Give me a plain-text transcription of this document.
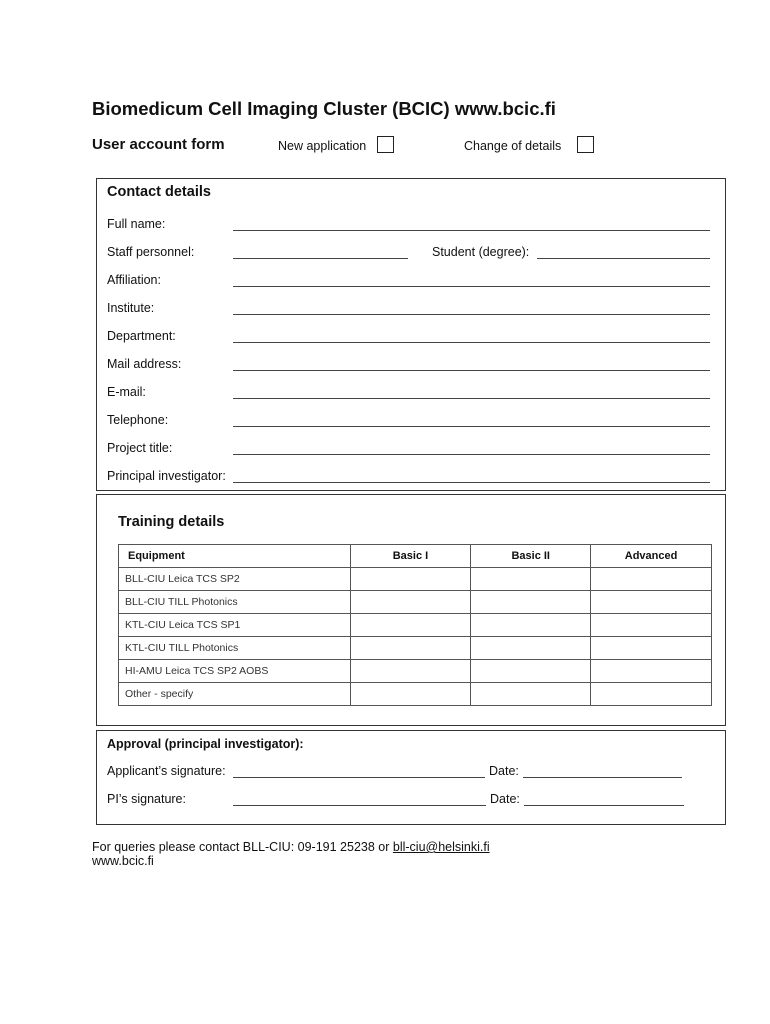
Biomedicum Cell Imaging Cluster (BCIC) www.bcic.fi
User account form	New application	Change of details
Contact details
Full name:
Staff personnel:	Student (degree):
Affiliation:
Institute:
Department:
Mail address:
E-mail:
Telephone:
Project title:
Principal investigator:
Training details
Equipment	Basic I	Basic II	Advanced
BLL-CIU Leica TCS SP2			
BLL-CIU TILL Photonics			
KTL-CIU Leica TCS SP1			
KTL-CIU TILL Photonics			
HI-AMU Leica TCS SP2 AOBS			
Other - specify			
Approval (principal investigator):
Applicant’s signature:	Date:
PI’s signature:	Date:
For queries please contact BLL-CIU: 09-191 25238 or bll-ciu@helsinki.fi
www.bcic.fi
